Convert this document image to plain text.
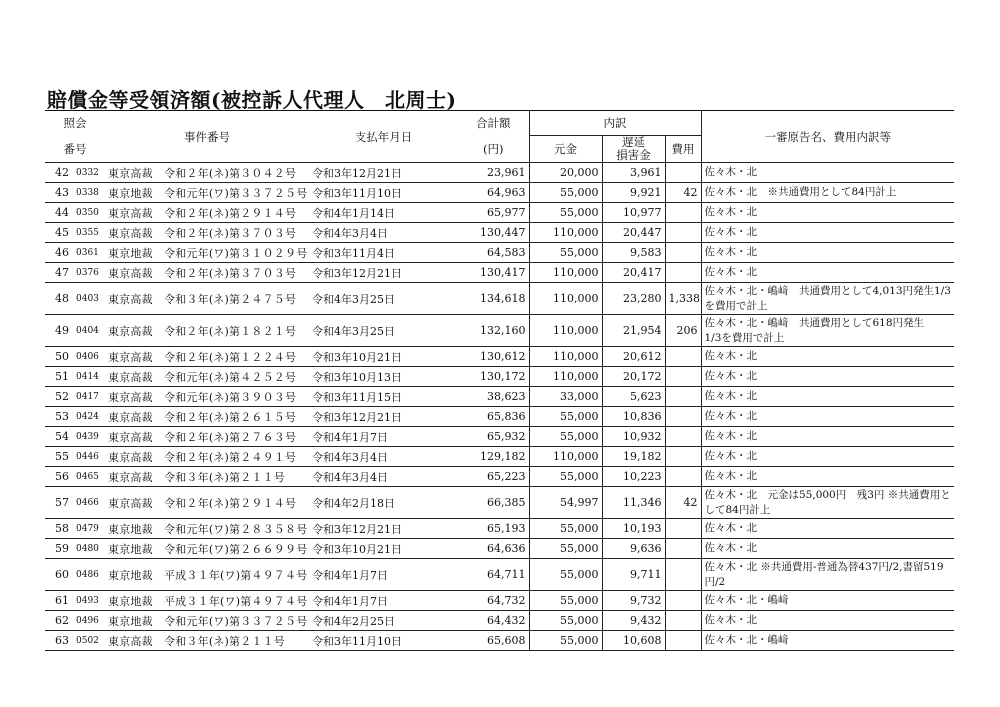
賠償金等受領済額(被控訴人代理人　北周士)
照会		事件番号	支払年月日	合計額	内訳			一審原告名、費用内訳等
番号				(円)	元金	遅延
損害金	費用	
42	0332	東京高裁　 令和２年(ネ)第３０４２号	令和3年12月21日	23,961	20,000	3,961		佐々木・北
43	0338	東京地裁　 令和元年(ワ)第３３７２５号	令和3年11月10日	64,963	55,000	9,921	42	佐々木・北　※共通費用として84円計上
44	0350	東京高裁　 令和２年(ネ)第２９１４号	令和4年1月14日	65,977	55,000	10,977		佐々木・北
45	0355	東京高裁　 令和２年(ネ)第３７０３号	令和4年3月4日	130,447	110,000	20,447		佐々木・北
46	0361	東京地裁　 令和元年(ワ)第３１０２９号	令和3年11月4日	64,583	55,000	9,583		佐々木・北
47	0376	東京高裁　 令和２年(ネ)第３７０３号	令和3年12月21日	130,417	110,000	20,417		佐々木・北
48	0403	東京高裁　 令和３年(ネ)第２４７５号	令和4年3月25日	134,618	110,000	23,280	1,338	佐々木・北・嶋﨑　共通費用として4,013円発生1/3を費用で計上
49	0404	東京高裁　 令和２年(ネ)第１８２１号	令和4年3月25日	132,160	110,000	21,954	206	佐々木・北・嶋﨑　共通費用として618円発生　1/3を費用で計上
50	0406	東京高裁　 令和２年(ネ)第１２２４号	令和3年10月21日	130,612	110,000	20,612		佐々木・北
51	0414	東京高裁　 令和元年(ネ)第４２５２号	令和3年10月13日	130,172	110,000	20,172		佐々木・北
52	0417	東京高裁　 令和元年(ネ)第３９０３号	令和3年11月15日	38,623	33,000	5,623		佐々木・北
53	0424	東京高裁　 令和２年(ネ)第２６１５号	令和3年12月21日	65,836	55,000	10,836		佐々木・北
54	0439	東京高裁　 令和２年(ネ)第２７６３号	令和4年1月7日	65,932	55,000	10,932		佐々木・北
55	0446	東京高裁　 令和２年(ネ)第２４９１号	令和4年3月4日	129,182	110,000	19,182		佐々木・北
56	0465	東京高裁　 令和３年(ネ)第２１１号	令和4年3月4日	65,223	55,000	10,223		佐々木・北
57	0466	東京高裁　 令和２年(ネ)第２９１４号	令和4年2月18日	66,385	54,997	11,346	42	佐々木・北　元金は55,000円　残3円 ※共通費用として84円計上
58	0479	東京地裁　 令和元年(ワ)第２８３５８号	令和3年12月21日	65,193	55,000	10,193		佐々木・北
59	0480	東京地裁　 令和元年(ワ)第２６６９９号	令和3年10月21日	64,636	55,000	9,636		佐々木・北
60	0486	東京地裁　 平成３１年(ワ)第４９７４号	令和4年1月7日	64,711	55,000	9,711		佐々木・北 ※共通費用-普通為替437円/2,書留519円/2
61	0493	東京地裁　 平成３１年(ワ)第４９７４号	令和4年1月7日	64,732	55,000	9,732		佐々木・北・嶋﨑
62	0496	東京地裁　 令和元年(ワ)第３３７２５号	令和4年2月25日	64,432	55,000	9,432		佐々木・北
63	0502	東京高裁　 令和３年(ネ)第２１１号	令和3年11月10日	65,608	55,000	10,608		佐々木・北・嶋﨑
